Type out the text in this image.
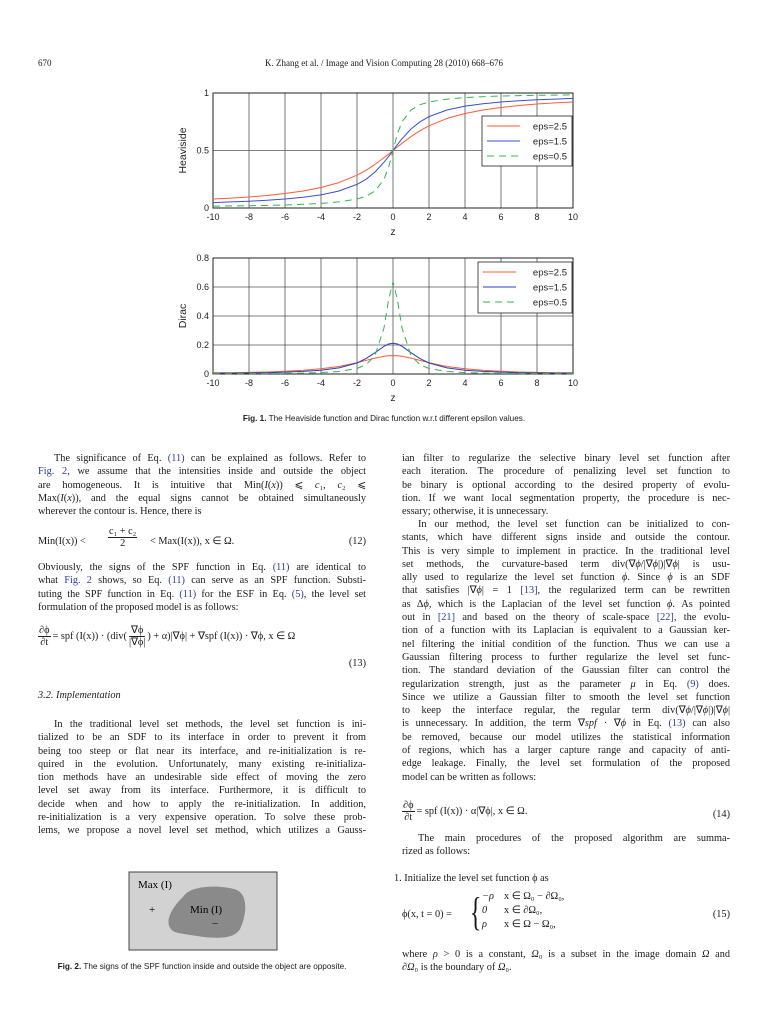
670	K. Zhang et al. / Image and Vision Computing 28 (2010) 668–676
-10	-8	-6	-4	-2	0	2	4	6	8	10
0
0.5
1
z
Heaviside
eps=2.5
eps=1.5
eps=0.5
-10	-8	-6	-4	-2	0	2	4	6	8	10
0
0.2
0.4
0.6
0.8
z
Dirac
eps=2.5
eps=1.5
eps=0.5
Fig. 1. The Heaviside function and Dirac function w.r.t different epsilon values.
The significance of Eq. (11) can be explained as follows. Refer to
Fig. 2, we assume that the intensities inside and outside the object
are homogeneous. It is intuitive that Min(I(x)) ⩽ c₁, c₂ ⩽
Max(I(x)), and the equal signs cannot be obtained simultaneously
wherever the contour is. Hence, there is
$Min(I(x)) < \frac{\text{c₁ + c₂}}{2} < Max(I(x))$, x ∈ Ω.	(12)
Obviously, the signs of the SPF function in Eq. (11) are identical to
what Fig. 2 shows, so Eq. (11) can serve as an SPF function. Substi-
tuting the SPF function in Eq. (11) for the ESF in Eq. (5), the level set
formulation of the proposed model is as follows:
$\frac{\partial\phi}{\partial t}$ = spf $(I(x)) \cdot (div( \frac{\nabla\phi}{|\nabla\phi|}$ ) + α)|∇ϕ| + ∇spf (I(x)) · ∇ϕ, x ∈ Ω
(13)
3.2. Implementation
In the traditional level set methods, the level set function is ini-
tialized to be an SDF to its interface in order to prevent it from
being too steep or flat near its interface, and re-initialization is re-
quired in the evolution. Unfortunately, many existing re-initializa-
tion methods have an undesirable side effect of moving the zero
level set away from its interface. Furthermore, it is difficult to
decide when and how to apply the re-initialization. In addition,
re-initialization is a very expensive operation. To solve these prob-
lems, we propose a novel level set method, which utilizes a Gauss-
Max (I)
+	Min (I)
−
Fig. 2. The signs of the SPF function inside and outside the object are opposite.
ian filter to regularize the selective binary level set function after
each iteration. The procedure of penalizing level set function to
be binary is optional according to the desired property of evolu-
tion. If we want local segmentation property, the procedure is nec-
essary; otherwise, it is unnecessary.
In our method, the level set function can be initialized to con-
stants, which have different signs inside and outside the contour.
This is very simple to implement in practice. In the traditional level
set methods, the curvature-based term div(∇ϕ/|∇ϕ|)|∇ϕ| is usu-
ally used to regularize the level set function ϕ. Since ϕ is an SDF
that satisfies |∇ϕ| = 1 [13], the regularized term can be rewritten
as Δϕ, which is the Laplacian of the level set function ϕ. As pointed
out in [21] and based on the theory of scale-space [22], the evolu-
tion of a function with its Laplacian is equivalent to a Gaussian ker-
nel filtering the initial condition of the function. Thus we can use a
Gaussian filtering process to further regularize the level set func-
tion. The standard deviation of the Gaussian filter can control the
regularization strength, just as the parameter μ in Eq. (9) does.
Since we utilize a Gaussian filter to smooth the level set function
to keep the interface regular, the regular term div(∇ϕ/|∇ϕ|)|∇ϕ|
is unnecessary. In addition, the term ∇spf · ∇ϕ in Eq. (13) can also
be removed, because our model utilizes the statistical information
of regions, which has a larger capture range and capacity of anti-
edge leakage. Finally, the level set formulation of the proposed
model can be written as follows:
$\frac{\partial\phi}{\partial t}$ = spf (I(x)) · α|∇ϕ|, x ∈ Ω.	(14)
The main procedures of the proposed algorithm are summa-
rized as follows:
1. Initialize the level set function ϕ as
ϕ(x, t = 0) = { −ρ x ∈ Ω₀ − ∂Ω₀,
0 x ∈ ∂Ω₀,
ρ x ∈ Ω − Ω₀,
(15)
where ρ > 0 is a constant, Ω₀ is a subset in the image domain Ω and
∂Ω₀ is the boundary of Ω₀.
